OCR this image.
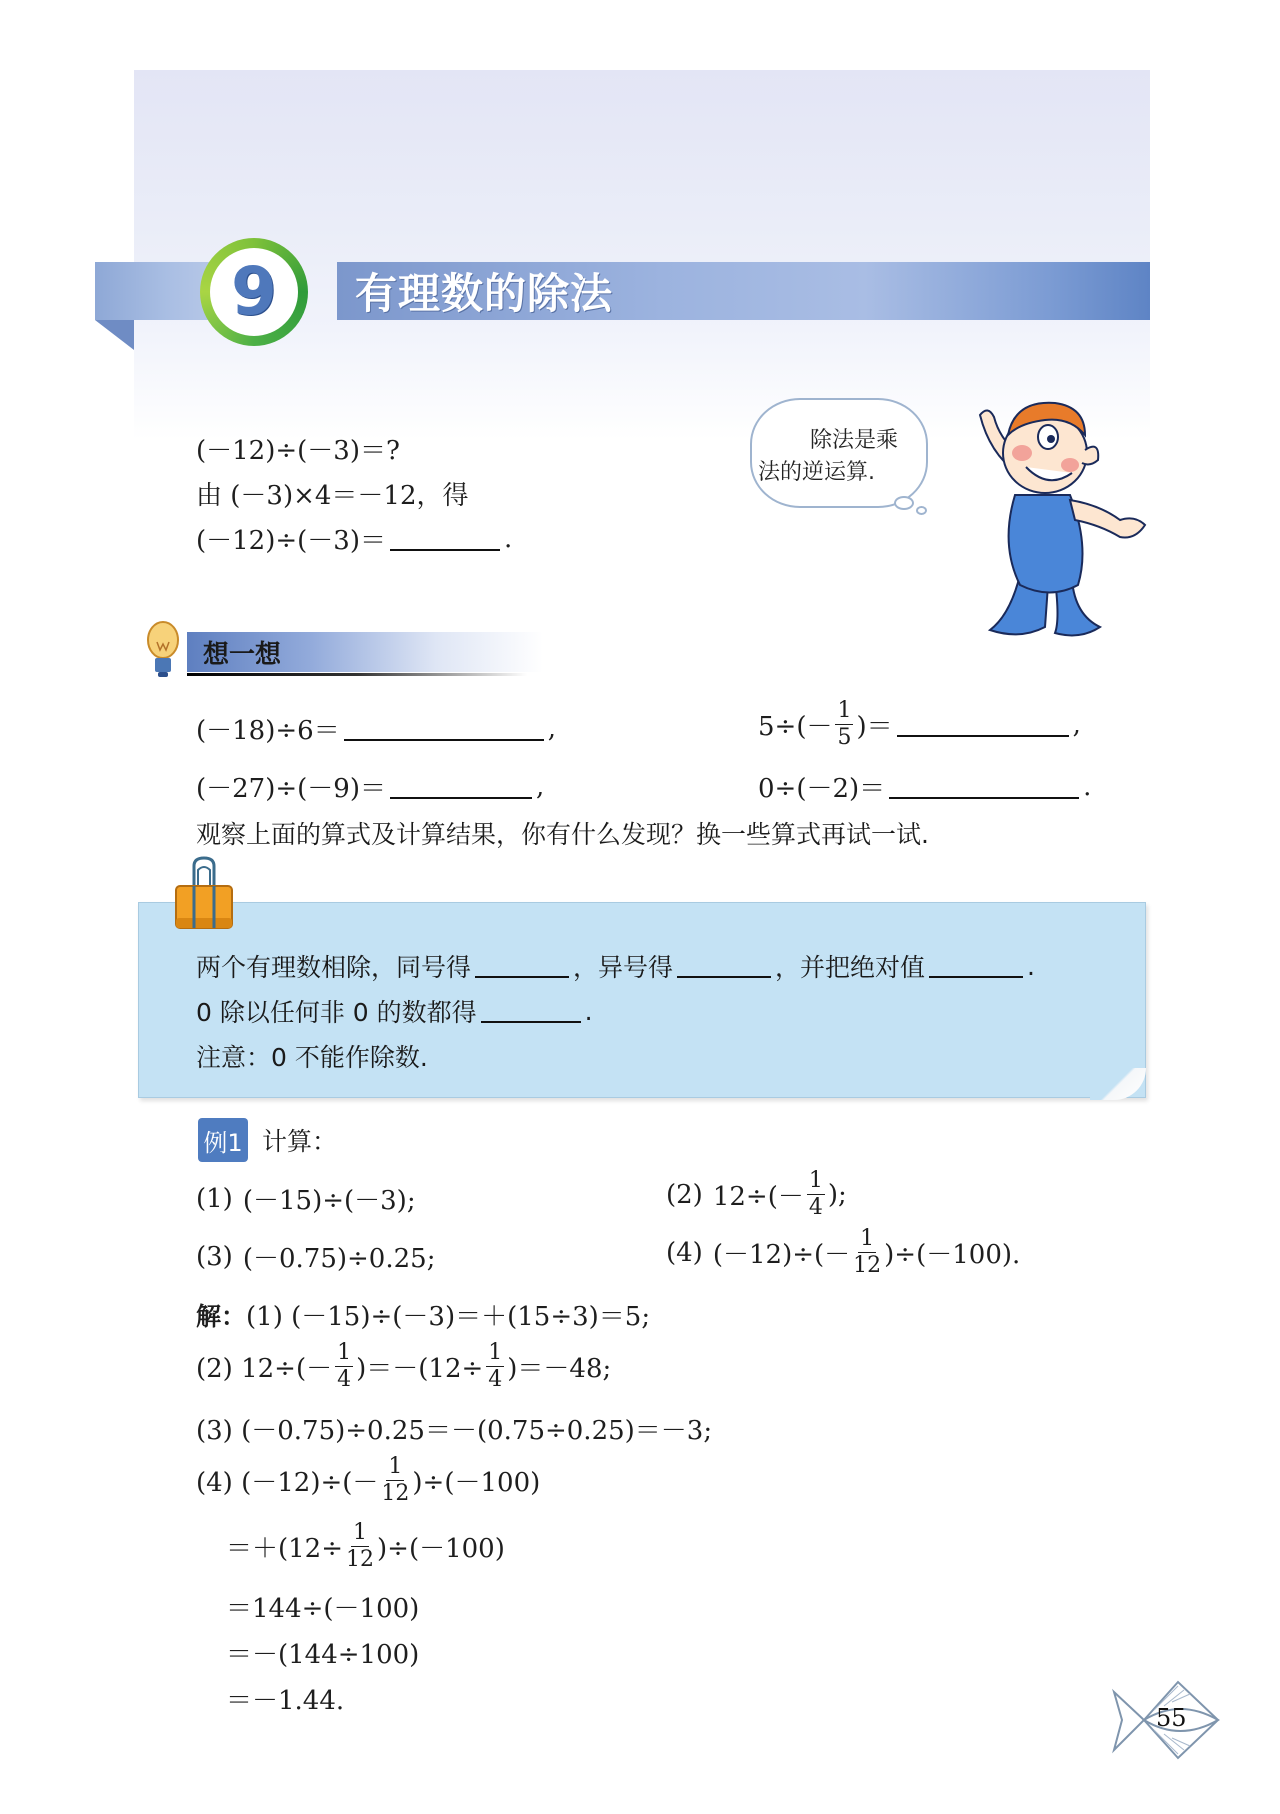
有理数的除法
9
(－12)÷(－3)＝?
由 (－3)×4＝－12，得
(－12)÷(－3)＝	.
除法是乘
法的逆运算.
想一想
(－18)÷6＝	,	$5\div(- \frac{1}{5}$ )＝	,
(－27)÷(－9)＝	,	0÷(－2)＝	.
观察上面的算式及计算结果，你有什么发现？换一些算式再试一试.
两个有理数相除，同号得	，异号得	，并把绝对值	.
0 除以任何非 0 的数都得	.
注意：0 不能作除数.
例1 计算：
(1) (－15)÷(－3);	(2) $12\div(- \frac{1}{4}$ );
(3) (－0.75)÷0.25;	(4) $(-12)\div(- \frac{1}{12} )\div(-100)$.
解： (1) (－15)÷(－3)＝＋(15÷3)＝5;
(2) $12\div(- \frac{1}{4} )=-(12\div \frac{1}{4} )=-48$;
(3) (－0.75)÷0.25＝－(0.75÷0.25)＝－3;
(4) $(-12)\div(- \frac{1}{12} )\div(-100)$
$=+(12\div \frac{1}{12} )\div(-100)$
＝144÷(－100)
＝－(144÷100)
＝－1.44.
55
